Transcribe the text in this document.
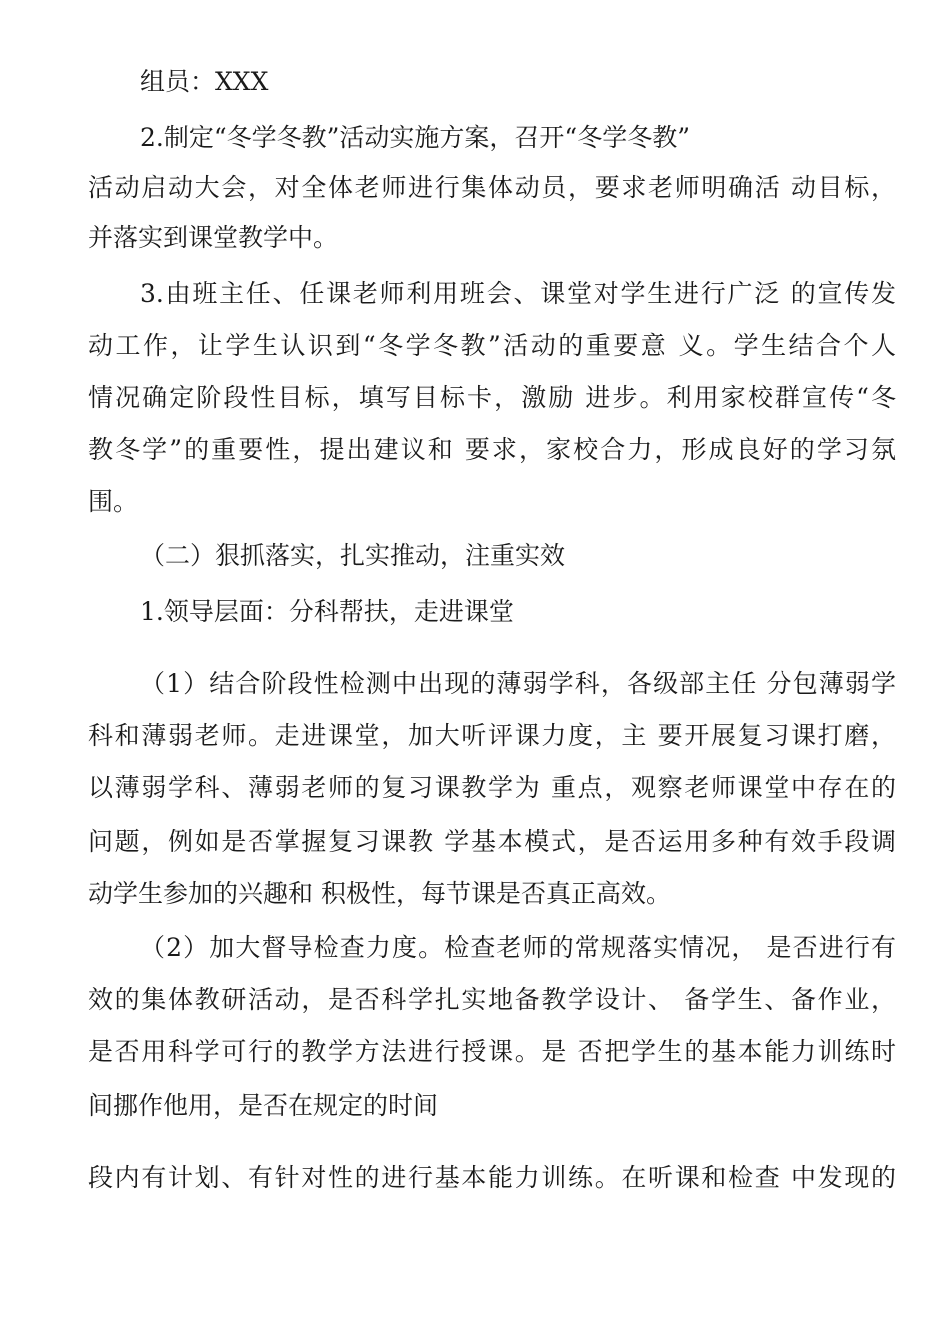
组员：XXX
2.制定“冬学冬教”活动实施方案，召开“冬学冬教”
活动启动大会，对全体老师进行集体动员，要求老师明确活 动目标，
并落实到课堂教学中。
3.由班主任、任课老师利用班会、课堂对学生进行广泛 的宣传发
动工作，让学生认识到“冬学冬教”活动的重要意 义。学生结合个人
情况确定阶段性目标，填写目标卡，激励 进步。利用家校群宣传“冬
教冬学”的重要性，提出建议和 要求，家校合力，形成良好的学习氛
围。
（二）狠抓落实，扎实推动，注重实效
1.领导层面：分科帮扶，走进课堂
（1）结合阶段性检测中出现的薄弱学科，各级部主任 分包薄弱学
科和薄弱老师。走进课堂，加大听评课力度，主 要开展复习课打磨，
以薄弱学科、薄弱老师的复习课教学为 重点，观察老师课堂中存在的
问题，例如是否掌握复习课教 学基本模式，是否运用多种有效手段调
动学生参加的兴趣和 积极性，每节课是否真正高效。
（2）加大督导检查力度。检查老师的常规落实情况， 是否进行有
效的集体教研活动，是否科学扎实地备教学设计、 备学生、备作业，
是否用科学可行的教学方法进行授课。是 否把学生的基本能力训练时
间挪作他用，是否在规定的时间
段内有计划、有针对性的进行基本能力训练。在听课和检查 中发现的
